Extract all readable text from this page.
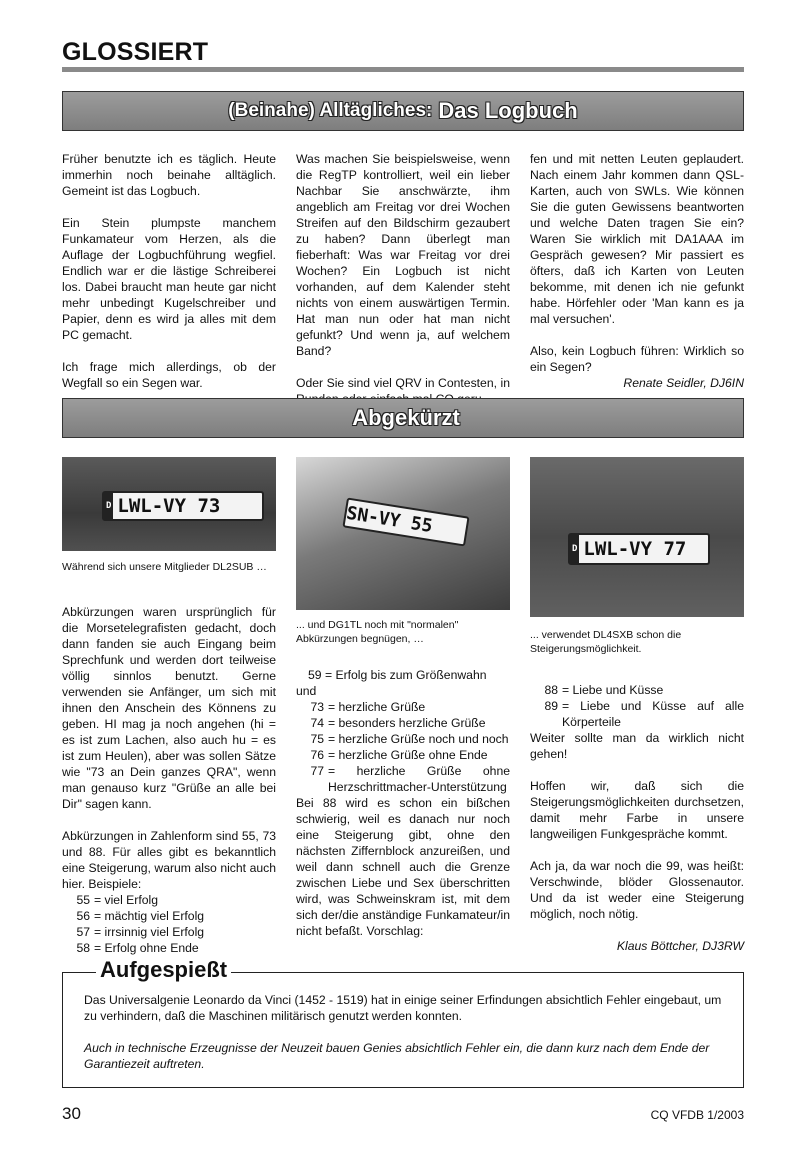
GLOSSIERT
(Beinahe) Alltägliches: Das Logbuch

Früher benutzte ich es täglich. Heute immerhin noch beinahe alltäglich. Gemeint ist das Logbuch.

Ein Stein plumpste manchem Funkamateur vom Herzen, als die Auflage der Logbuchführung wegfiel. Endlich war er die lästige Schreiberei los. Dabei braucht man heute gar nicht mehr unbedingt Kugelschreiber und Papier, denn es wird ja alles mit dem PC gemacht.

Ich frage mich allerdings, ob der Wegfall so ein Segen war.

Was machen Sie beispielsweise, wenn die RegTP kontrolliert, weil ein lieber Nachbar Sie anschwärzte, ihm angeblich am Freitag vor drei Wochen Streifen auf den Bildschirm gezaubert zu haben? Dann überlegt man fieberhaft: Was war Freitag vor drei Wochen? Ein Logbuch ist nicht vorhanden, auf dem Kalender steht nichts von einem auswärtigen Termin. Hat man nun oder hat man nicht gefunkt? Und wenn ja, auf welchem Band?

Oder Sie sind viel QRV in Contesten, in

fen und mit netten Leuten geplaudert. Nach einem Jahr kommen dann QSL-Karten, auch von SWLs. Wie können Sie die guten Gewissens beantworten und welche Daten tragen Sie ein? Waren Sie wirklich mit DA1AAA im Gespräch gewesen? Mir passiert es öfters, daß ich Karten von Leuten bekomme, mit denen ich nie gefunkt habe. Hörfehler oder 'Man kann es ja mal versuchen'.

Also, kein Logbuch führen: Wirklich so ein Segen?

Renate Seidler, DJ6IN
Abgekürzt
D LWL-VY 73
Während sich unsere Mitglieder DL2SUB …
SN-VY 55
... und DG1TL noch mit "normalen" Abkürzungen begnügen, …
D LWL-VY 77
... verwendet DL4SXB schon die Steigerungsmöglichkeit.

Abkürzungen waren ursprünglich für die Morsetelegrafisten gedacht, doch dann fanden sie auch Eingang beim Sprechfunk und werden dort teilweise völlig sinnlos benutzt. Gerne verwenden sie Anfänger, um sich mit ihnen den Anschein des Könnens zu geben. HI mag ja noch angehen (hi = es ist zum Lachen, also auch hu = es ist zum Heulen), aber was sollen Sätze wie "73 an Dein ganzes QRA", wenn man genauso kurz "Grüße an alle bei Dir" sagen kann.

Abkürzungen in Zahlenform sind 55, 73 und 88. Für alles gibt es bekanntlich eine Steigerung, warum also nicht auch hier. Beispiele:

55 = viel Erfolg
56 = mächtig viel Erfolg
57 = irrsinnig viel Erfolg
58 = Erfolg ohne Ende
59 = Erfolg bis zum Größenwahn
und
73 = herzliche Grüße
74 = besonders herzliche Grüße
75 = herzliche Grüße noch und noch
76 = herzliche Grüße ohne Ende
77 = herzliche Grüße ohne Herzschrittmacher-Unterstützung

Bei 88 wird es schon ein bißchen schwierig, weil es danach nur noch eine Steigerung gibt, ohne den nächsten Ziffernblock anzureißen, und weil dann schnell auch die Grenze zwischen Liebe und Sex überschritten wird, was Schweinskram ist, mit dem sich der/die anständige Funkamateur/in nicht befaßt. Vorschlag:

88 = Liebe und Küsse
89 = Liebe und Küsse auf alle Körperteile

Weiter sollte man da wirklich nicht gehen!

Hoffen wir, daß sich die Steigerungsmöglichkeiten durchsetzen, damit mehr Farbe in unsere langweiligen Funkgespräche kommt.

Ach ja, da war noch die 99, was heißt: Verschwinde, blöder Glossenautor. Und da ist weder eine Steigerung möglich, noch nötig.

Klaus Böttcher, DJ3RW
Aufgespießt
Das Universalgenie Leonardo da Vinci (1452 - 1519) hat in einige seiner Erfindungen absichtlich Fehler eingebaut, um zu verhindern, daß die Maschinen militärisch genutzt werden konnten.
Auch in technische Erzeugnisse der Neuzeit bauen Genies absichtlich Fehler ein, die dann kurz nach dem Ende der Garantiezeit auftreten.
30	CQ VFDB 1/2003
